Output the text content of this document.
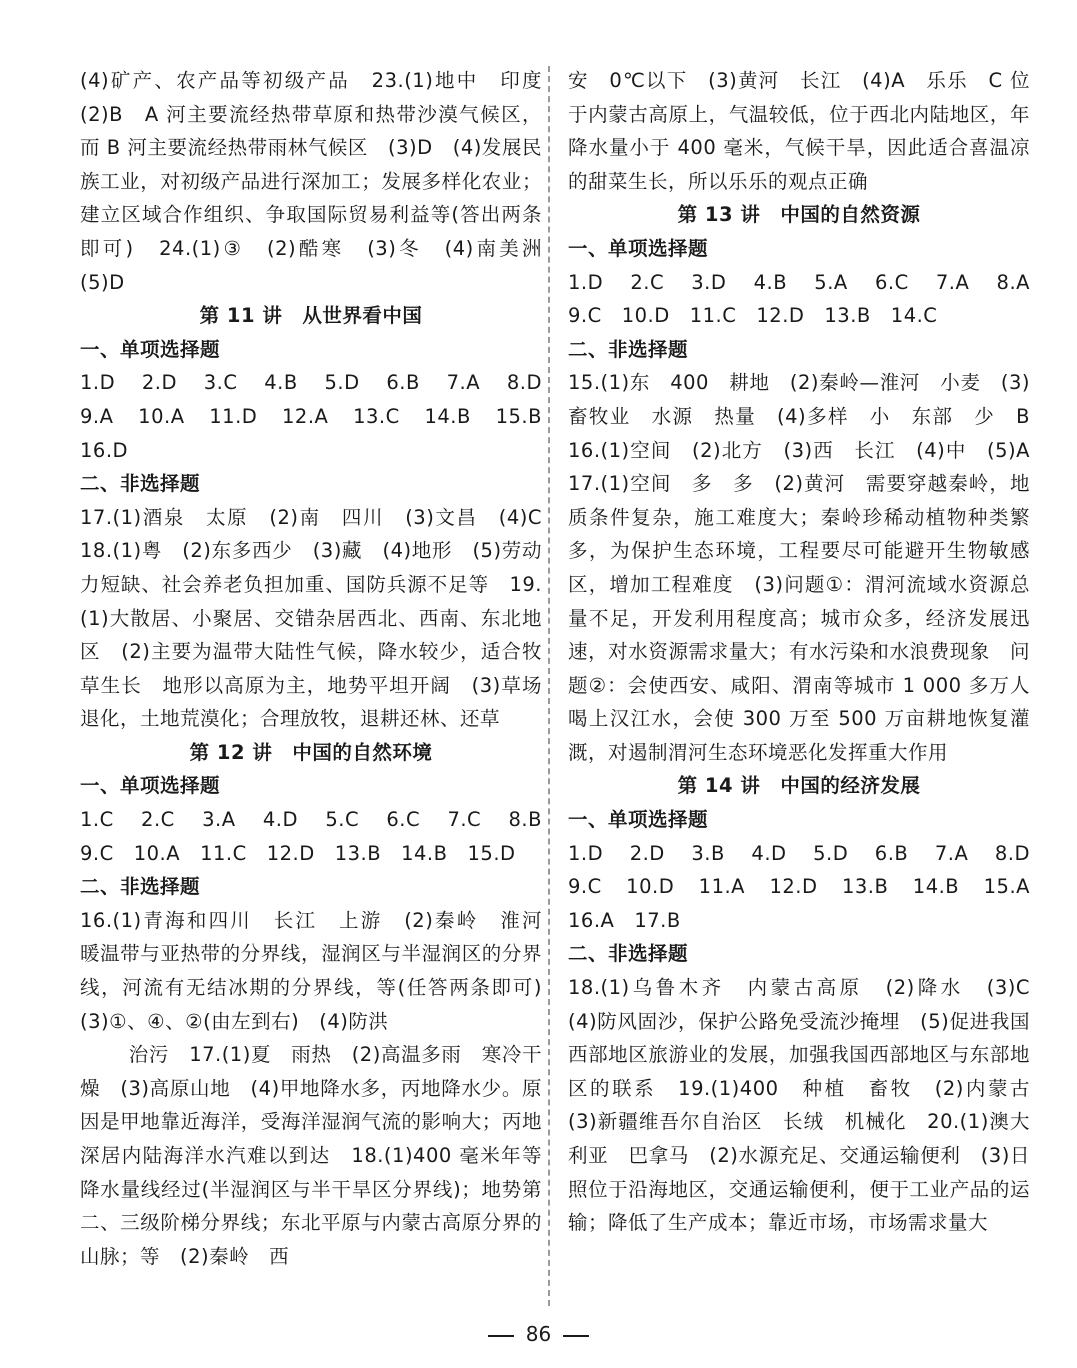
(4)矿产、农产品等初级产品　23.(1)地中　印度　(2)B　A 河主要流经热带草原和热带沙漠气候区，而 B 河主要流经热带雨林气候区　(3)D　(4)发展民族工业，对初级产品进行深加工；发展多样化农业；建立区域合作组织、争取国际贸易利益等(答出两条即可)　24.(1)③　(2)酷寒　(3)冬　(4)南美洲　(5)D

第 11 讲　从世界看中国

一、单项选择题

1.D　2.D　3.C　4.B　5.D　6.B　7.A　8.D　9.A　10.A　11.D　12.A　13.C　14.B　15.B　16.D

二、非选择题

17.(1)酒泉　太原　(2)南　四川　(3)文昌　(4)C　18.(1)粤　(2)东多西少　(3)藏　(4)地形　(5)劳动力短缺、社会养老负担加重、国防兵源不足等　19.(1)大散居、小聚居、交错杂居西北、西南、东北地区　(2)主要为温带大陆性气候，降水较少，适合牧草生长　地形以高原为主，地势平坦开阔　(3)草场退化，土地荒漠化；合理放牧，退耕还林、还草

第 12 讲　中国的自然环境

一、单项选择题

1.C　2.C　3.A　4.D　5.C　6.C　7.C　8.B　9.C　10.A　11.C　12.D　13.B　14.B　15.D

二、非选择题

16.(1)青海和四川　长江　上游　(2)秦岭　淮河　暖温带与亚热带的分界线，湿润区与半湿润区的分界线，河流有无结冰期的分界线，等(任答两条即可)　(3)①、④、②(由左到右)　(4)防洪

治污　17.(1)夏　雨热　(2)高温多雨　寒冷干燥　(3)高原山地　(4)甲地降水多，丙地降水少。原因是甲地靠近海洋，受海洋湿润气流的影响大；丙地深居内陆海洋水汽难以到达　18.(1)400 毫米年等降水量线经过(半湿润区与半干旱区分界线)；地势第二、三级阶梯分界线；东北平原与内蒙古高原分界的山脉；等　(2)秦岭　西

安　0℃以下　(3)黄河　长江　(4)A　乐乐　C 位于内蒙古高原上，气温较低，位于西北内陆地区，年降水量小于 400 毫米，气候干旱，因此适合喜温凉的甜菜生长，所以乐乐的观点正确

第 13 讲　中国的自然资源

一、单项选择题

1.D　2.C　3.D　4.B　5.A　6.C　7.A　8.A　9.C　10.D　11.C　12.D　13.B　14.C

二、非选择题

15.(1)东　400　耕地　(2)秦岭—淮河　小麦　(3)畜牧业　水源　热量　(4)多样　小　东部　少　B　16.(1)空间　(2)北方　(3)西　长江　(4)中　(5)A　17.(1)空间　多　多　(2)黄河　需要穿越秦岭，地质条件复杂，施工难度大；秦岭珍稀动植物种类繁多，为保护生态环境，工程要尽可能避开生物敏感区，增加工程难度　(3)问题①：渭河流域水资源总量不足，开发利用程度高；城市众多，经济发展迅速，对水资源需求量大；有水污染和水浪费现象　问题②：会使西安、咸阳、渭南等城市 1 000 多万人喝上汉江水，会使 300 万至 500 万亩耕地恢复灌溉，对遏制渭河生态环境恶化发挥重大作用

第 14 讲　中国的经济发展

一、单项选择题

1.D　2.D　3.B　4.D　5.D　6.B　7.A　8.D　9.C　10.D　11.A　12.D　13.B　14.B　15.A　16.A　17.B

二、非选择题

18.(1)乌鲁木齐　内蒙古高原　(2)降水　(3)C　(4)防风固沙，保护公路免受流沙掩埋　(5)促进我国西部地区旅游业的发展，加强我国西部地区与东部地区的联系　19.(1)400　种植　畜牧　(2)内蒙古　(3)新疆维吾尔自治区　长绒　机械化　20.(1)澳大利亚　巴拿马　(2)水源充足、交通运输便利　(3)日照位于沿海地区，交通运输便利，便于工业产品的运输；降低了生产成本；靠近市场，市场需求量大

86
